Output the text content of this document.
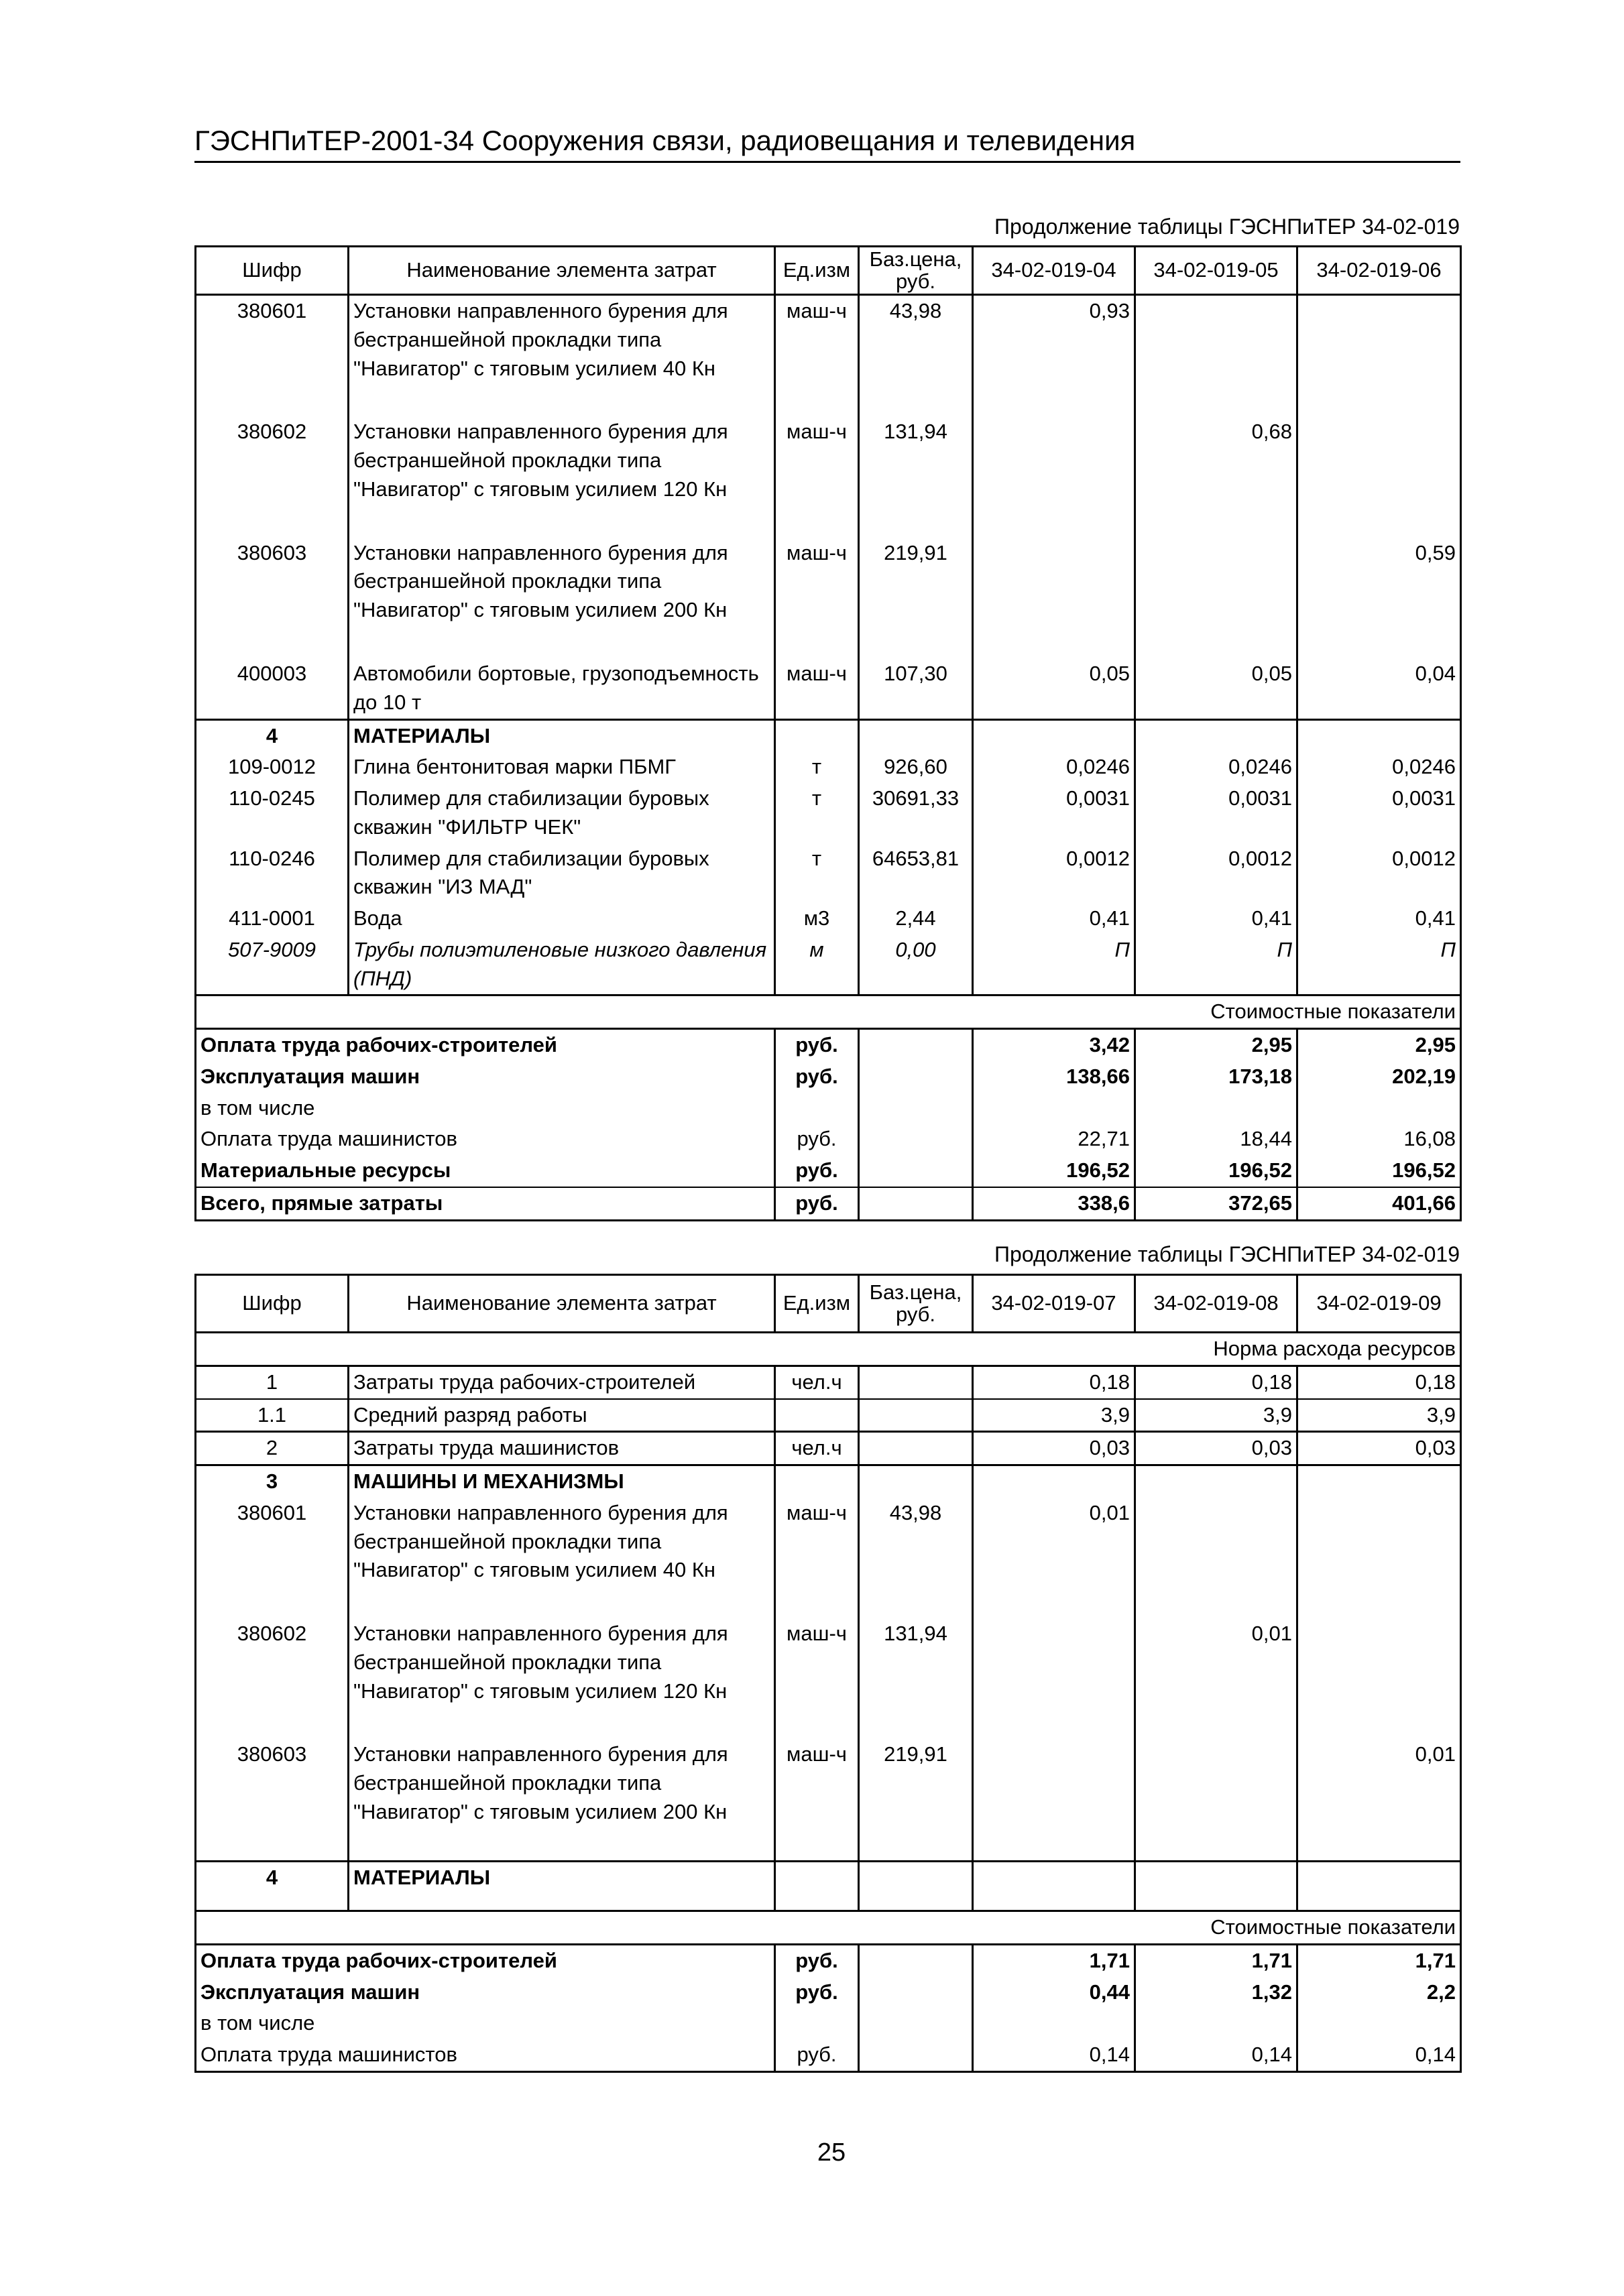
ГЭСНПиТЕР-2001-34 Сооружения связи, радиовещания и телевидения
Продолжение таблицы ГЭСНПиТЕР 34-02-019
Шифр	Наименование элемента затрат	Ед.изм	Баз.цена, руб.	34-02-019-04	34-02-019-05	34-02-019-06
380601	Установки направленного бурения для бестраншейной прокладки типа "Навигатор" с тяговым усилием 40 Кн	маш-ч	43,98	0,93		

380602	Установки направленного бурения для бестраншейной прокладки типа "Навигатор" с тяговым усилием 120 Кн	маш-ч	131,94		0,68	

380603	Установки направленного бурения для бестраншейной прокладки типа "Навигатор" с тяговым усилием 200 Кн	маш-ч	219,91			0,59

400003	Автомобили бортовые, грузоподъемность до 10 т	маш-ч	107,30	0,05	0,05	0,04
4	МАТЕРИАЛЫ					
109-0012	Глина бентонитовая марки ПБМГ	т	926,60	0,0246	0,0246	0,0246
110-0245	Полимер для стабилизации буровых скважин "ФИЛЬТР ЧЕК"	т	30691,33	0,0031	0,0031	0,0031
110-0246	Полимер для стабилизации буровых скважин "ИЗ МАД"	т	64653,81	0,0012	0,0012	0,0012
411-0001	Вода	м3	2,44	0,41	0,41	0,41
507-9009	Трубы полиэтиленовые низкого давления (ПНД)	м	0,00	П	П	П
Стоимостные показатели						
Оплата труда рабочих-строителей		руб.		3,42	2,95	2,95
Эксплуатация машин		руб.		138,66	173,18	202,19
в том числе						
Оплата труда машинистов		руб.		22,71	18,44	16,08
Материальные ресурсы		руб.		196,52	196,52	196,52
Всего, прямые затраты		руб.		338,6	372,65	401,66
Продолжение таблицы ГЭСНПиТЕР 34-02-019
Шифр	Наименование элемента затрат	Ед.изм	Баз.цена, руб.	34-02-019-07	34-02-019-08	34-02-019-09
Норма расхода ресурсов						
1	Затраты труда рабочих-строителей	чел.ч		0,18	0,18	0,18
1.1	Средний разряд работы			3,9	3,9	3,9
2	Затраты труда машинистов	чел.ч		0,03	0,03	0,03
3	МАШИНЫ И МЕХАНИЗМЫ					
380601	Установки направленного бурения для бестраншейной прокладки типа "Навигатор" с тяговым усилием 40 Кн	маш-ч	43,98	0,01		

380602	Установки направленного бурения для бестраншейной прокладки типа "Навигатор" с тяговым усилием 120 Кн	маш-ч	131,94		0,01	

380603	Установки направленного бурения для бестраншейной прокладки типа "Навигатор" с тяговым усилием 200 Кн	маш-ч	219,91			0,01

4	МАТЕРИАЛЫ					

Стоимостные показатели						
Оплата труда рабочих-строителей		руб.		1,71	1,71	1,71
Эксплуатация машин		руб.		0,44	1,32	2,2
в том числе						
Оплата труда машинистов		руб.		0,14	0,14	0,14
25
